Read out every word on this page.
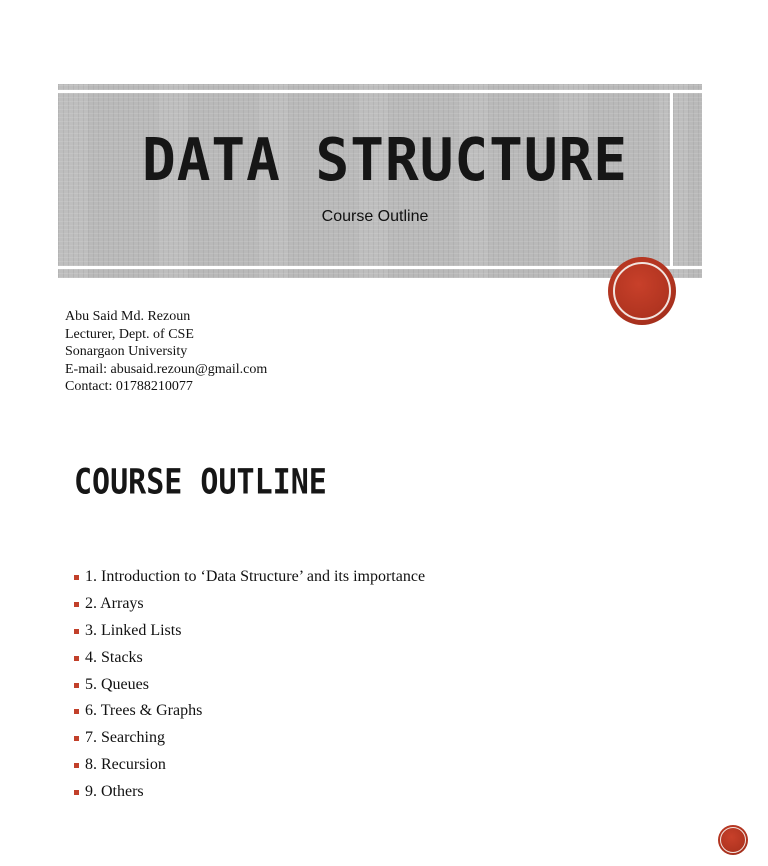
DATA STRUCTURE
Course Outline
Abu Said Md. Rezoun
Lecturer, Dept. of CSE
Sonargaon University
E-mail: abusaid.rezoun@gmail.com
Contact: 01788210077
COURSE OUTLINE
1. Introduction to ‘Data Structure’ and its importance
2. Arrays
3. Linked Lists
4. Stacks
5. Queues
6. Trees & Graphs
7. Searching
8. Recursion
9. Others
